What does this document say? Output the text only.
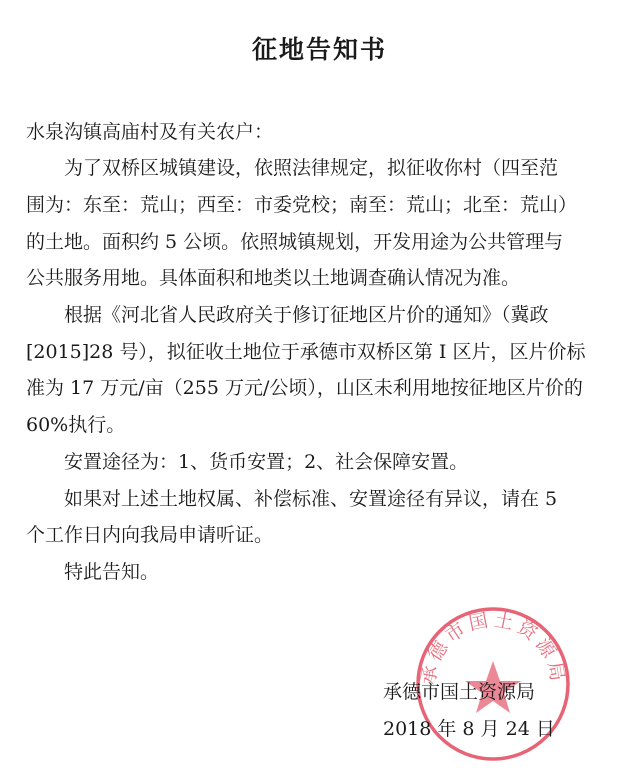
征地告知书
水泉沟镇高庙村及有关农户：
为了双桥区城镇建设，依照法律规定，拟征收你村（四至范
围为：东至：荒山；西至：市委党校；南至：荒山；北至：荒山）
的土地。面积约 5 公顷。依照城镇规划，开发用途为公共管理与
公共服务用地。具体面积和地类以土地调查确认情况为准。
根据《河北省人民政府关于修订征地区片价的通知》（冀政
[2015]28 号），拟征收土地位于承德市双桥区第 I 区片，区片价标
准为 17 万元/亩（255 万元/公顷），山区未利用地按征地区片价的
60%执行。
安置途径为：1、货币安置；2、社会保障安置。
如果对上述土地权属、补偿标准、安置途径有异议，请在 5
个工作日内向我局申请听证。
特此告知。
承德市国土资源局
承德市国土资源局
2018 年 8 月 24 日
